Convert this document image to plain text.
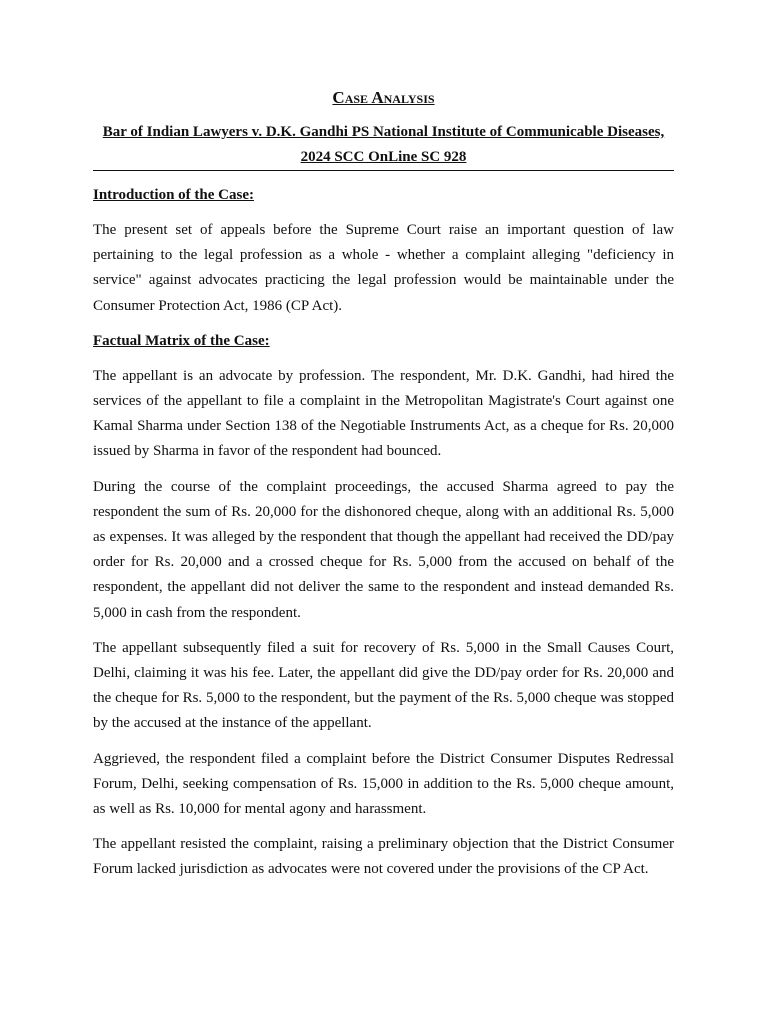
Case Analysis
Bar of Indian Lawyers v. D.K. Gandhi PS National Institute of Communicable Diseases,
2024 SCC OnLine SC 928
Introduction of the Case:

The present set of appeals before the Supreme Court raise an important question of law pertaining to the legal profession as a whole - whether a complaint alleging "deficiency in service" against advocates practicing the legal profession would be maintainable under the Consumer Protection Act, 1986 (CP Act).

Factual Matrix of the Case:

The appellant is an advocate by profession. The respondent, Mr. D.K. Gandhi, had hired the services of the appellant to file a complaint in the Metropolitan Magistrate's Court against one Kamal Sharma under Section 138 of the Negotiable Instruments Act, as a cheque for Rs. 20,000 issued by Sharma in favor of the respondent had bounced.

During the course of the complaint proceedings, the accused Sharma agreed to pay the respondent the sum of Rs. 20,000 for the dishonored cheque, along with an additional Rs. 5,000 as expenses. It was alleged by the respondent that though the appellant had received the DD/pay order for Rs. 20,000 and a crossed cheque for Rs. 5,000 from the accused on behalf of the respondent, the appellant did not deliver the same to the respondent and instead demanded Rs. 5,000 in cash from the respondent.

The appellant subsequently filed a suit for recovery of Rs. 5,000 in the Small Causes Court, Delhi, claiming it was his fee. Later, the appellant did give the DD/pay order for Rs. 20,000 and the cheque for Rs. 5,000 to the respondent, but the payment of the Rs. 5,000 cheque was stopped by the accused at the instance of the appellant.

Aggrieved, the respondent filed a complaint before the District Consumer Disputes Redressal Forum, Delhi, seeking compensation of Rs. 15,000 in addition to the Rs. 5,000 cheque amount, as well as Rs. 10,000 for mental agony and harassment.

The appellant resisted the complaint, raising a preliminary objection that the District Consumer Forum lacked jurisdiction as advocates were not covered under the provisions of the CP Act.
